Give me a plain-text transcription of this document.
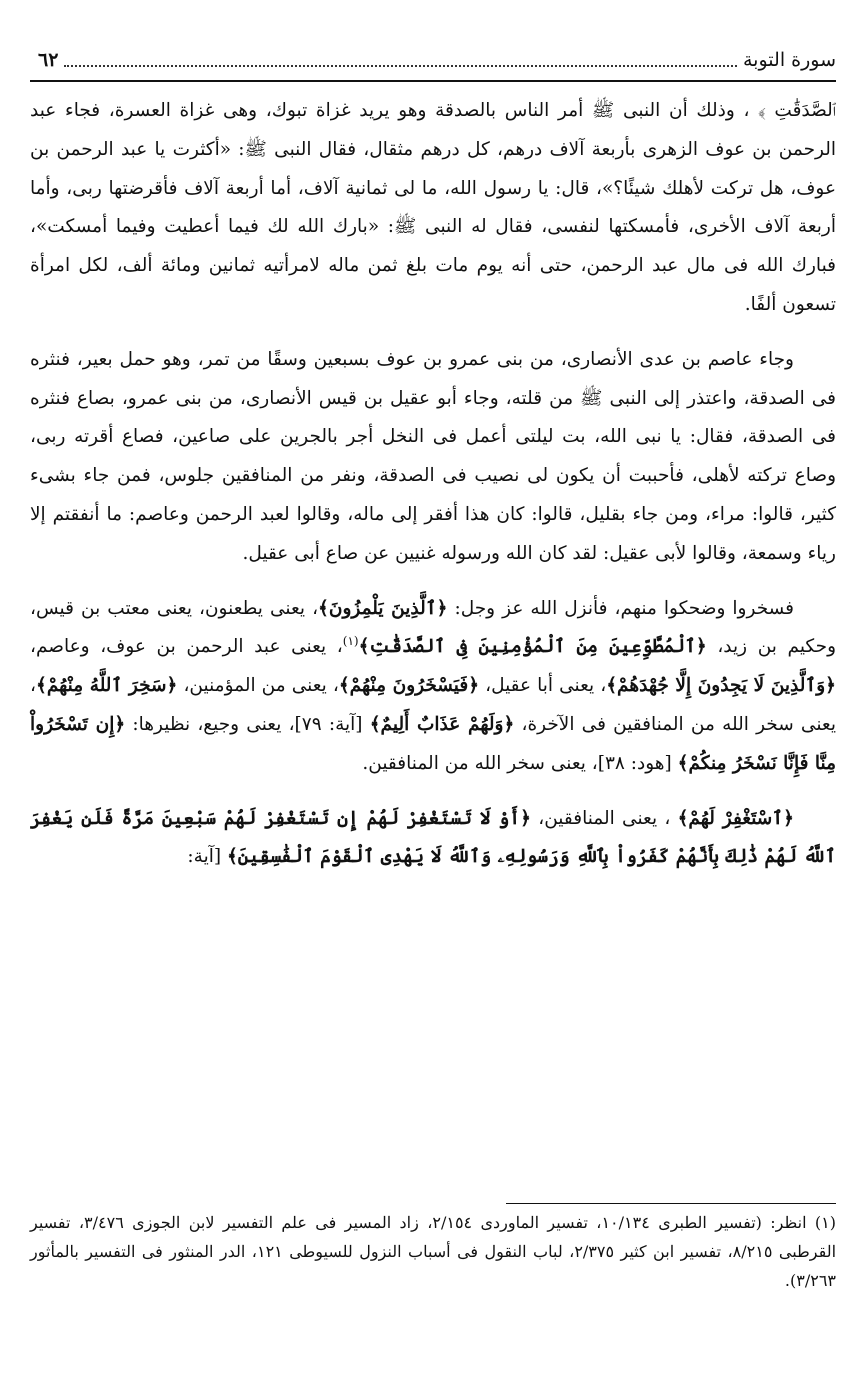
سورة التوبة
٦٢

ٱلصَّدَقَٰتِ ﴾ ، وذلك أن النبى ﷺ أمر الناس بالصدقة وهو يريد غزاة تبوك، وهى غزاة العسرة، فجاء عبد الرحمن بن عوف الزهرى بأربعة آلاف درهم، كل درهم مثقال، فقال النبى ﷺ: «أكثرت يا عبد الرحمن بن عوف، هل تركت لأهلك شيئًا؟»، قال: يا رسول الله، ما لى ثمانية آلاف، أما أربعة آلاف فأقرضتها ربى، وأما أربعة آلاف الأخرى، فأمسكتها لنفسى، فقال له النبى ﷺ: «بارك الله لك فيما أعطيت وفيما أمسكت»، فبارك الله فى مال عبد الرحمن، حتى أنه يوم مات بلغ ثمن ماله لامرأتيه ثمانين ومائة ألف، لكل امرأة تسعون ألفًا.

وجاء عاصم بن عدى الأنصارى، من بنى عمرو بن عوف بسبعين وسقًا من تمر، وهو حمل بعير، فنثره فى الصدقة، واعتذر إلى النبى ﷺ من قلته، وجاء أبو عقيل بن قيس الأنصارى، من بنى عمرو، بصاع فنثره فى الصدقة، فقال: يا نبى الله، بت ليلتى أعمل فى النخل أجر بالجرين على صاعين، فصاع أقرته ربى، وصاع تركته لأهلى، فأحببت أن يكون لى نصيب فى الصدقة، ونفر من المنافقين جلوس، فمن جاء بشىء كثير، قالوا: مراء، ومن جاء بقليل، قالوا: كان هذا أفقر إلى ماله، وقالوا لعبد الرحمن وعاصم: ما أنفقتم إلا رياء وسمعة، وقالوا لأبى عقيل: لقد كان الله ورسوله غنيين عن صاع أبى عقيل.

فسخروا وضحكوا منهم، فأنزل الله عز وجل: ﴿ٱلَّذِينَ يَلْمِزُونَ﴾، يعنى يطعنون، يعنى معتب بن قيس، وحكيم بن زيد، ﴿ٱلْمُطَّوِّعِينَ مِنَ ٱلْمُؤْمِنِينَ فِى ٱلصَّدَقَٰتِ﴾$^{(١)}$، يعنى عبد الرحمن بن عوف، وعاصم، ﴿وَٱلَّذِينَ لَا يَجِدُونَ إِلَّا جُهْدَهُمْ﴾، يعنى أبا عقيل، ﴿فَيَسْخَرُونَ مِنْهُمْ﴾، يعنى من المؤمنين، ﴿سَخِرَ ٱللَّهُ مِنْهُمْ﴾، يعنى سخر الله من المنافقين فى الآخرة، ﴿وَلَهُمْ عَذَابٌ أَلِيمٌ﴾ [آية: ٧٩]، يعنى وجيع، نظيرها: ﴿إِن تَسْخَرُواْ مِنَّا فَإِنَّا نَسْخَرُ مِنكُمْ﴾ [هود: ٣٨]، يعنى سخر الله من المنافقين.

﴿ٱسْتَغْفِرْ لَهُمْ﴾ ، يعنى المنافقين، ﴿أَوْ لَا تَسْتَغْفِرْ لَهُمْ إِن تَسْتَغْفِرْ لَهُمْ سَبْعِينَ مَرَّةً فَلَن يَغْفِرَ ٱللَّهُ لَهُمْ ذَٰلِكَ بِأَنَّهُمْ كَفَرُواْ بِٱللَّهِ وَرَسُولِهِۦ وَٱللَّهُ لَا يَهْدِى ٱلْقَوْمَ ٱلْفَٰسِقِينَ﴾ [آية:

(١) انظر: (تفسير الطبرى ١٠/١٣٤، تفسير الماوردى ٢/١٥٤، زاد المسير فى علم التفسير لابن الجوزى ٣/٤٧٦، تفسير القرطبى ٨/٢١٥، تفسير ابن كثير ٢/٣٧٥، لباب النقول فى أسباب النزول للسيوطى ١٢١، الدر المنثور فى التفسير بالمأثور ٣/٢٦٣).
